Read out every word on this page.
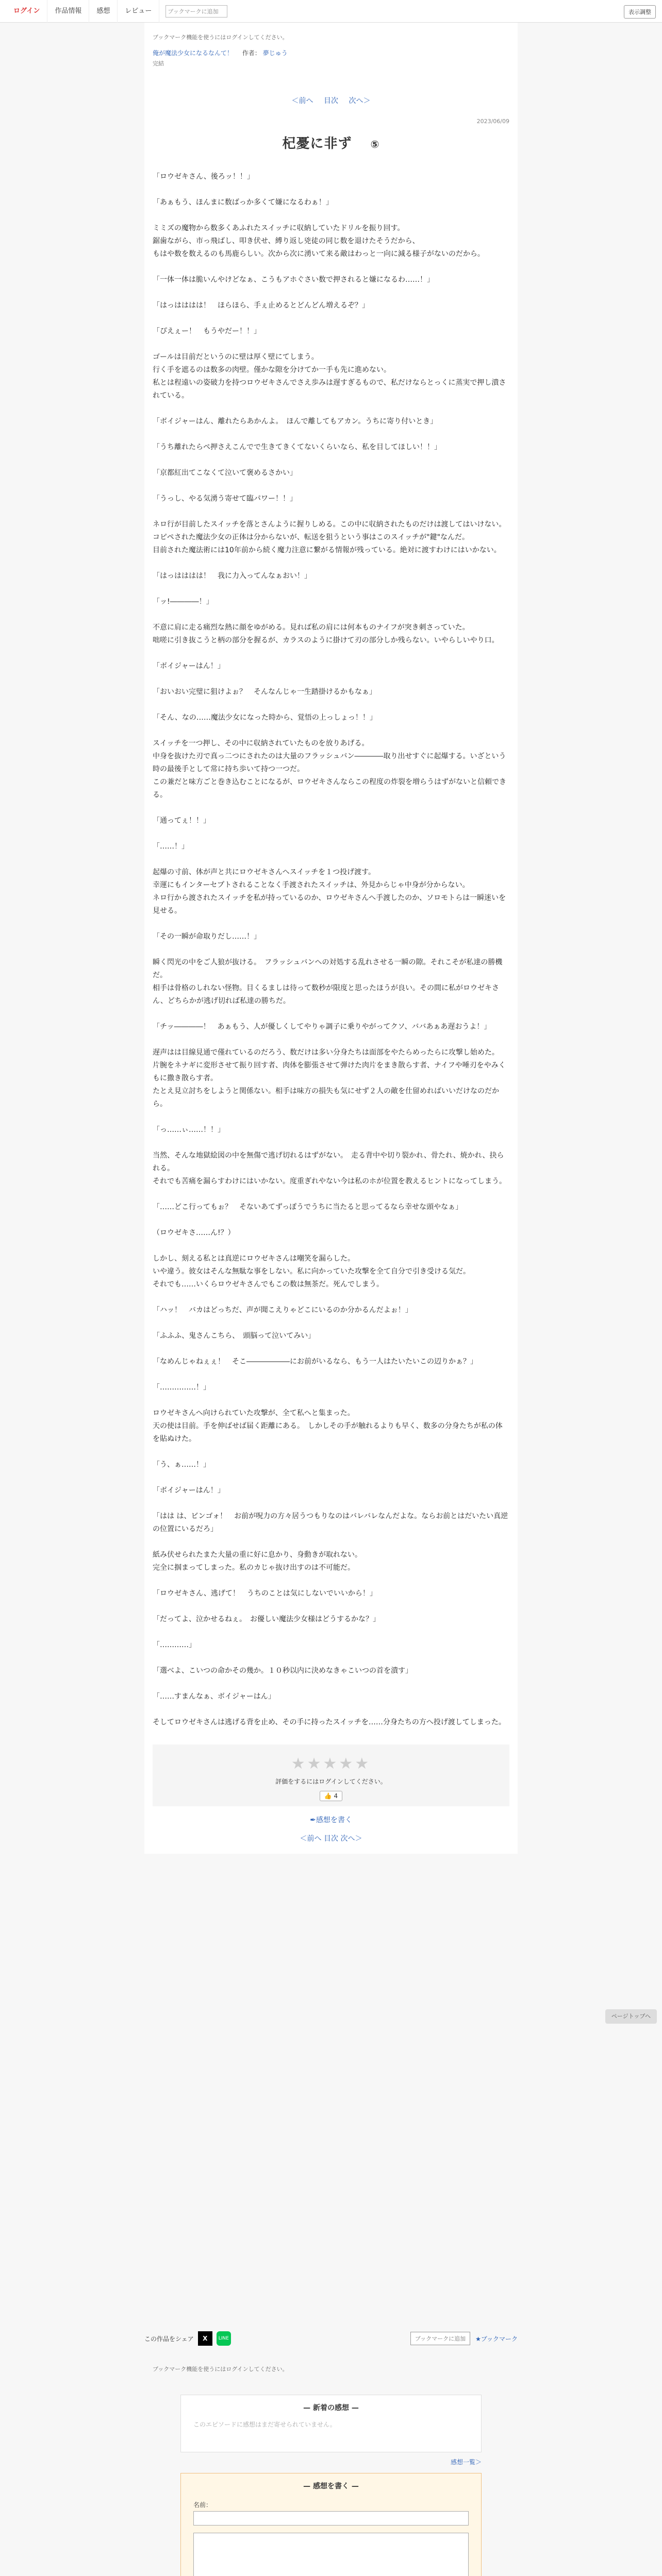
ログイン	作品情報	感想	レビュー	ブックマークに追加	表示調整
ブックマーク機能を使うにはログインしてください。
俺が魔法少女になるなんて！ 作者： 夢じゅう
完結
＜前へ 目次 次へ＞
2023/06/09
杞憂に非ず ⑤

「ロウゼキさん、後ろッ！！」

「あぁもう、ほんまに数ばっか多くて嫌になるわぁ！」

ミミズの魔物から数多くあふれたスイッチに収納していたドリルを振り回す。
鋸歯ながら、市っ飛ばし、叩き伏せ、縛り返し兇徒の同じ数を退けたそうだから、
もはや数を数えるのも馬鹿らしい。次から次に湧いて来る敵はわっと一向に減る様子がないのだから。

「一体一体は脆いんやけどなぁ、こうもアホぐさい数で押されると嫌になるわ……！」

「はっはははは！　ほらほら、手ぇ止めるとどんどん増えるぞ？」

「ぴえぇー！　もうやだー！！」

ゴールは目前だというのに壁は厚く壁にてしまう。
行く手を遮るのは数多の肉壁。僅かな隙を分けてか一手も先に進めない。
私とは程遠いの姿破力を持つロウゼキさんでさえ歩みは遅すぎるもので、私だけならとっくに蒸実で押し潰されている。

「ボイジャーはん、離れたらあかんよ。　ほんで離してもアカン。うちに寄り付いとき」

「うち離れたらぺ押さえこんでで生きてきくてないくらいなら、私を目してほしい！！」

「京都紅出てこなくて泣いて褒めるさかい」

「うっし、やる気湧う寄せて臨パワー！！」

ネロ行が目前したスイッチを落とさんように握りしめる。この中に収納されたものだけは渡してはいけない。
コピペされた魔法少女の正体は分からないが、転送を狙うという事はこのスイッチが"鍵"なんだ。
目前された魔法術には10年前から続く魔力注意に繋がる情報が残っている。絶対に渡すわけにはいかない。

「はっはははは！　我に力入ってんなぁおい！」

「ッ!――――！」

不意に肩に走る痛烈な熱に顔をゆがめる。見れば私の肩には何本ものナイフが突き刺さっていた。
咄嗟に引き抜こうと柄の部分を握るが、カラスのように掛けて刃の部分しか残らない。いやらしいやり口。

「ボイジャーはん！」

「おいおい完璧に狙けよぉ？　そんなんじゃ一生踏掛けるかもなぁ」

「そん、なの……魔法少女になった時から、覚悟の上っしょっ！！」

スイッチを一つ押し、その中に収納されていたものを放りあげる。
中身を抜けた刃で真っ二つにされたのは大量のフラッシュバン――――取り出せすぐに起爆する。いざという時の最後手として常に持ち歩いて持つ一つだ。
この兼だと味方ごと巻き込むことになるが、ロウゼキさんならこの程度の炸裂を増らうはずがないと信頼できる。

「通ってぇ！！」

「……！」

起爆の寸前、体が声と共にロウゼキさんへスイッチを１つ投げ渡す。
幸運にもインターセプトされることなく手渡されたスイッチは、外見からじゃ中身が分からない。
ネロ行から渡されたスイッチを私が持っているのか、ロウゼキさんへ手渡したのか、ソロモトらは一瞬迷いを見せる。

「その一瞬が命取りだし……！」

瞬く閃光の中をご人狼が抜ける。　フラッシュバンへの対処する乱れさせる一瞬の隙。それこそが私達の勝機だ。
相手は骨格のしれない怪物。目くるましは待って数秒が限度と思ったほうが良い。その間に私がロウゼキさん、どちらかが逃げ切れば私達の勝ちだ。

「チッ――――！　あぁもう、人が優しくしてやりゃ調子に乗りやがってクソ、ババあぁあ遅おうよ！」

遅声はは目線見通で僅れているのだろう、数だけは多い分身たちは面部をやたらめったらに攻撃し始めた。
片腕をネナギに変形させて振り回す者、肉体を膨張させて弾けた肉片をまき散らす者、ナイフや唾刃をやみくもに撒き散らす者。
たとえ見立討ちをしようと関係ない。相手は味方の損失も気にせず２人の敵を仕留めればいいだけなのだから。

「っ……ぃ……！！」

当然、そんな地獄絵図の中を無傷で逃げ切れるはずがない。　走る背中や切り裂かれ、骨たれ、焼かれ、抉られる。
それでも苦痛を漏らすわけにはいかない。度重ぎれやない今は私のホが位置を教えるヒントになってしまう。

「……どこ行ってもぉ？　そないあてずっぽうでうちに当たると思ってるなら幸せな頭やなぁ」

（ロウゼキさ……ん!？）

しかし、刻える私とは真逆にロウゼキさんは嘲笑を漏らした。
いや違う。彼女はそんな無駄な事をしない。私に向かっていた攻撃を全て自分で引き受ける気だ。
それでも……いくらロウゼキさんでもこの数は無茶だ。死んでしまう。

「ハッ！　バカはどっちだ、声が聞こえりゃどこにいるのか分かるんだよぉ！」

「ふふふ、鬼さんこちら、　頭脳って泣いてみい」

「なめんじゃねぇぇ！　そこ――――――にお前がいるなら、もう一人はたいたいこの辺りかぁ？」

「……………！」

ロウゼキさんへ向けられていた攻撃が、全て私へと集まった。
天の使は目前。手を伸ばせば届く距離にある。　しかしその手が触れるよりも早く、数多の分身たちが私の体を貼ぬけた。

「う、ぁ……！」

「ボイジャーはん！」

「はは は、ビンゴォ！　お前が呪力の方々居うつもりなのはバレバレなんだよな。ならお前とはだいたい真逆の位置にいるだろ」

紙み伏せられたまた大量の重に好に息かり、身動きが取れない。
完全に掴まってしまった。私のカじゃ抜け出すのは不可能だ。

「ロウゼキさん、逃げて！　うちのことは気にしないでいいから！」

「だってよ、泣かせるねぇ。　お優しい魔法少女様はどうするかな？」

「…………」

「選べよ、こいつの命かその幾か。１０秒以内に決めなきゃこいつの首を潰す」

「……すまんなぁ、ボイジャーはん」

そしてロウゼキさんは逃げる背を止め、その手に持ったスイッチを……分身たちの方へ投げ渡してしまった。

★★★★★
評価をするにはログインしてください。
👍 4
✒感想を書く
＜前へ 目次 次へ＞
この作品をシェア	X	LINE	ブックマークに追加	★ブックマーク
ブックマーク機能を使うにはログインしてください。
— 新着の感想 —
このエピソードに感想はまだ寄せられていません。
感想一覧＞
— 感想を書く —
名前：
ページトップへ
